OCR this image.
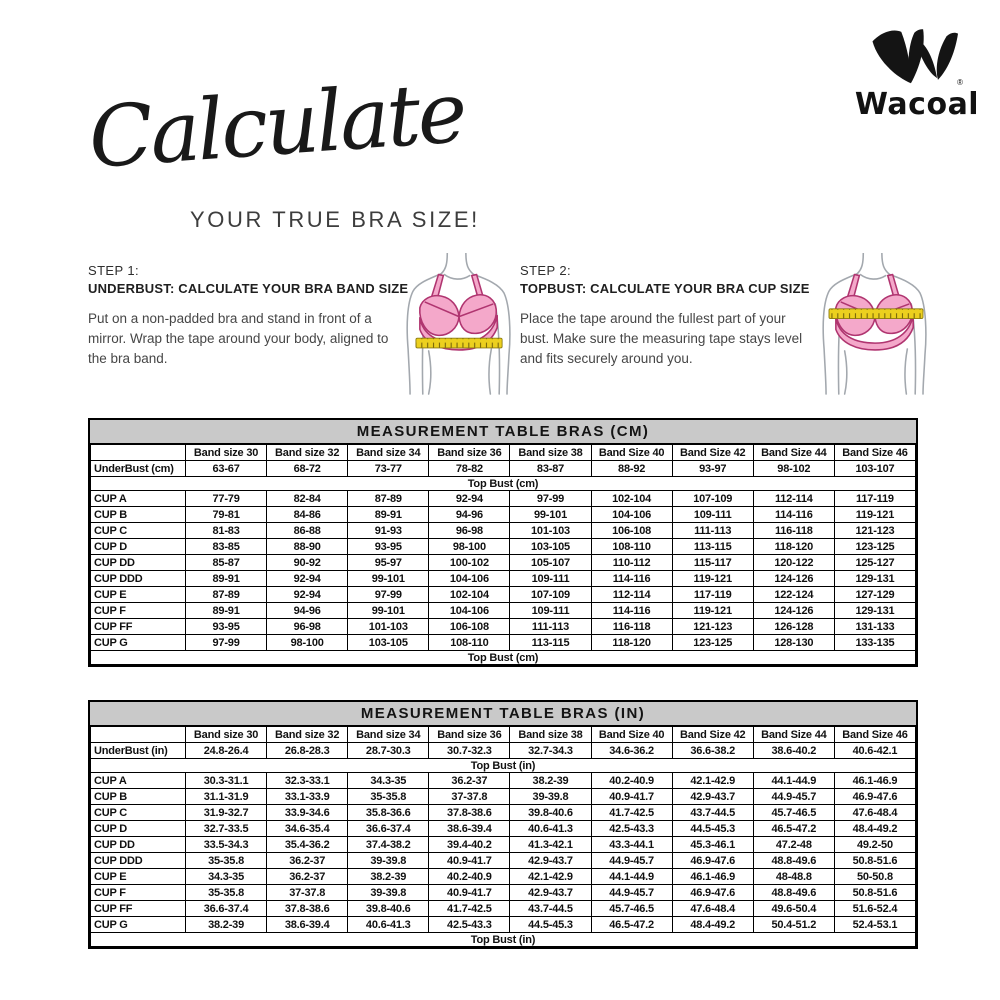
®
Wacoal
Calculate
YOUR TRUE BRA SIZE!
STEP 1:
UNDERBUST: CALCULATE YOUR BRA BAND SIZE

Put on a non-padded bra and stand in front of a mirror. Wrap the tape around your body, aligned to the bra band.

STEP 2:
TOPBUST: CALCULATE YOUR BRA CUP SIZE

Place the tape around the fullest part of your bust. Make sure the measuring tape stays level and fits securely around you.

MEASUREMENT TABLE BRAS (CM)
	Band size 30	Band size 32	Band size 34	Band size 36	Band size 38	Band Size 40	Band Size 42	Band Size 44	Band Size 46
UnderBust (cm)	63-67	68-72	73-77	78-82	83-87	88-92	93-97	98-102	103-107
Top Bust (cm)									
CUP A	77-79	82-84	87-89	92-94	97-99	102-104	107-109	112-114	117-119
CUP B	79-81	84-86	89-91	94-96	99-101	104-106	109-111	114-116	119-121
CUP C	81-83	86-88	91-93	96-98	101-103	106-108	111-113	116-118	121-123
CUP D	83-85	88-90	93-95	98-100	103-105	108-110	113-115	118-120	123-125
CUP DD	85-87	90-92	95-97	100-102	105-107	110-112	115-117	120-122	125-127
CUP DDD	89-91	92-94	99-101	104-106	109-111	114-116	119-121	124-126	129-131
CUP E	87-89	92-94	97-99	102-104	107-109	112-114	117-119	122-124	127-129
CUP F	89-91	94-96	99-101	104-106	109-111	114-116	119-121	124-126	129-131
CUP FF	93-95	96-98	101-103	106-108	111-113	116-118	121-123	126-128	131-133
CUP G	97-99	98-100	103-105	108-110	113-115	118-120	123-125	128-130	133-135
Top Bust (cm)									
MEASUREMENT TABLE BRAS (IN)
	Band size 30	Band size 32	Band size 34	Band size 36	Band size 38	Band Size 40	Band Size 42	Band Size 44	Band Size 46
UnderBust (in)	24.8-26.4	26.8-28.3	28.7-30.3	30.7-32.3	32.7-34.3	34.6-36.2	36.6-38.2	38.6-40.2	40.6-42.1
Top Bust (in)									
CUP A	30.3-31.1	32.3-33.1	34.3-35	36.2-37	38.2-39	40.2-40.9	42.1-42.9	44.1-44.9	46.1-46.9
CUP B	31.1-31.9	33.1-33.9	35-35.8	37-37.8	39-39.8	40.9-41.7	42.9-43.7	44.9-45.7	46.9-47.6
CUP C	31.9-32.7	33.9-34.6	35.8-36.6	37.8-38.6	39.8-40.6	41.7-42.5	43.7-44.5	45.7-46.5	47.6-48.4
CUP D	32.7-33.5	34.6-35.4	36.6-37.4	38.6-39.4	40.6-41.3	42.5-43.3	44.5-45.3	46.5-47.2	48.4-49.2
CUP DD	33.5-34.3	35.4-36.2	37.4-38.2	39.4-40.2	41.3-42.1	43.3-44.1	45.3-46.1	47.2-48	49.2-50
CUP DDD	35-35.8	36.2-37	39-39.8	40.9-41.7	42.9-43.7	44.9-45.7	46.9-47.6	48.8-49.6	50.8-51.6
CUP E	34.3-35	36.2-37	38.2-39	40.2-40.9	42.1-42.9	44.1-44.9	46.1-46.9	48-48.8	50-50.8
CUP F	35-35.8	37-37.8	39-39.8	40.9-41.7	42.9-43.7	44.9-45.7	46.9-47.6	48.8-49.6	50.8-51.6
CUP FF	36.6-37.4	37.8-38.6	39.8-40.6	41.7-42.5	43.7-44.5	45.7-46.5	47.6-48.4	49.6-50.4	51.6-52.4
CUP G	38.2-39	38.6-39.4	40.6-41.3	42.5-43.3	44.5-45.3	46.5-47.2	48.4-49.2	50.4-51.2	52.4-53.1
Top Bust (in)									
